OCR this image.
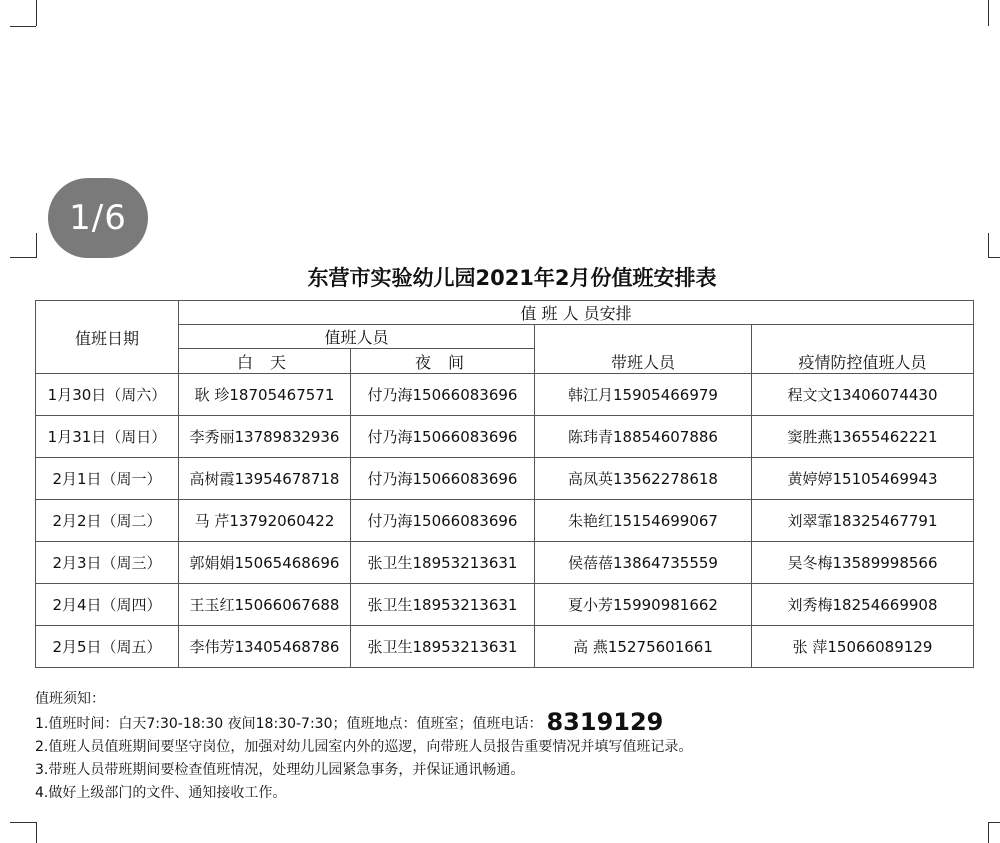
1/6
东营市实验幼儿园2021年2月份值班安排表
值班日期	值 班 人 员安排			
	值班人员		带班人员	疫情防控值班人员
	白 天	夜 间		
1月30日（周六）	耿 珍18705467571	付乃海15066083696	韩江月15905466979	程文文13406074430
1月31日（周日）	李秀丽13789832936	付乃海15066083696	陈玮青18854607886	窦胜燕13655462221
2月1日（周一）	高树霞13954678718	付乃海15066083696	高凤英13562278618	黄婷婷15105469943
2月2日（周二）	马 芹13792060422	付乃海15066083696	朱艳红15154699067	刘翠霏18325467791
2月3日（周三）	郭娟娟15065468696	张卫生18953213631	侯蓓蓓13864735559	吴冬梅13589998566
2月4日（周四）	王玉红15066067688	张卫生18953213631	夏小芳15990981662	刘秀梅18254669908
2月5日（周五）	李伟芳13405468786	张卫生18953213631	高 燕15275601661	张 萍15066089129
值班须知：
1.值班时间：白天7:30-18:30 夜间18:30-7:30；值班地点：值班室；值班电话： 8319129
2.值班人员值班期间要坚守岗位，加强对幼儿园室内外的巡逻，向带班人员报告重要情况并填写值班记录。
3.带班人员带班期间要检查值班情况，处理幼儿园紧急事务，并保证通讯畅通。
4.做好上级部门的文件、通知接收工作。
